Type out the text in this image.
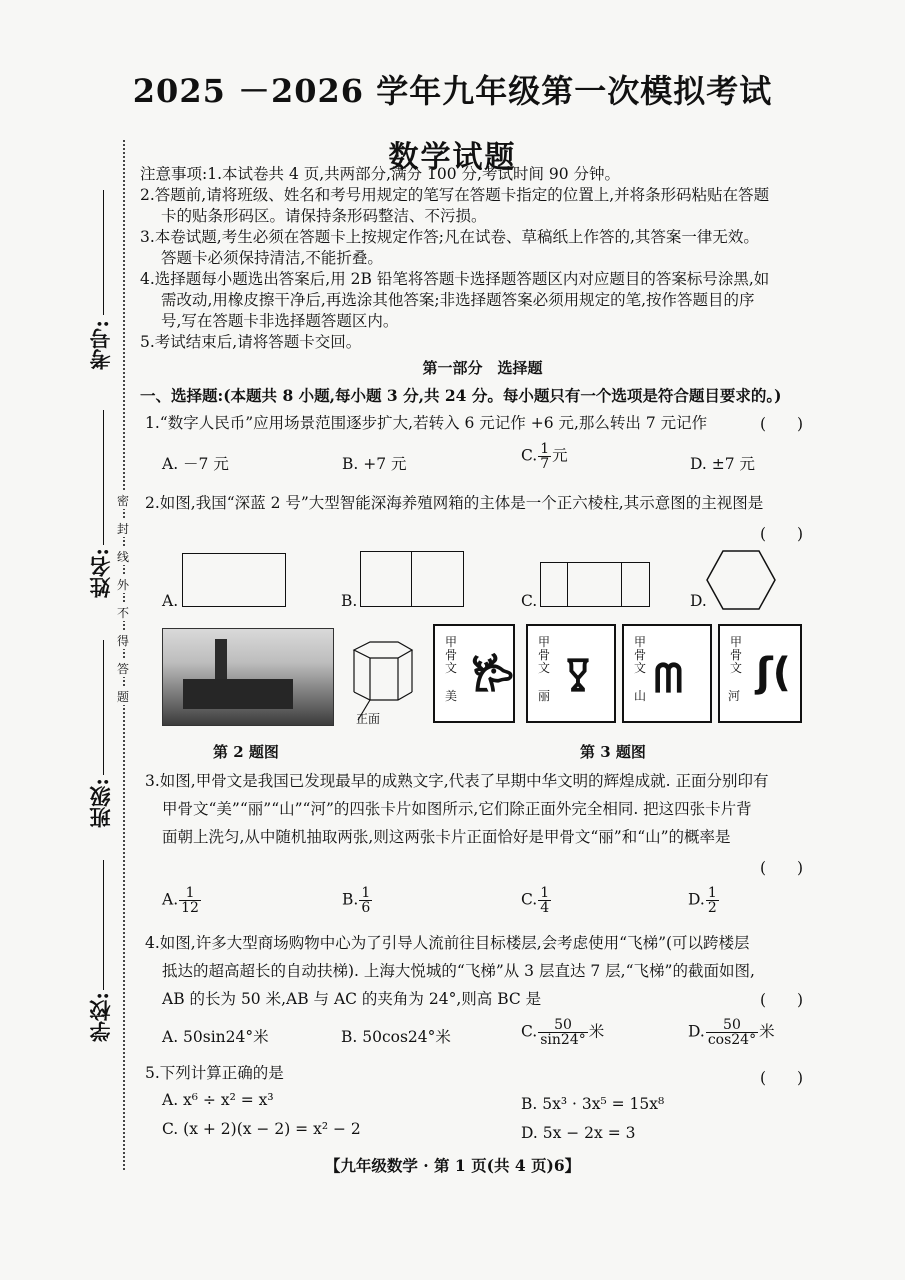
2025 －2026 学年九年级第一次模拟考试
数学试题
考号:
姓名:
班级:
学校:
密
封
线
外
不
得
答
题
注意事项:1.本试卷共 4 页,共两部分,满分 100 分,考试时间 90 分钟。
2.答题前,请将班级、姓名和考号用规定的笔写在答题卡指定的位置上,并将条形码粘贴在答题
卡的贴条形码区。请保持条形码整洁、不污损。
3.本卷试题,考生必须在答题卡上按规定作答;凡在试卷、草稿纸上作答的,其答案一律无效。
答题卡必须保持清洁,不能折叠。
4.选择题每小题选出答案后,用 2B 铅笔将答题卡选择题答题区内对应题目的答案标号涂黑,如
需改动,用橡皮擦干净后,再选涂其他答案;非选择题答案必须用规定的笔,按作答题目的序
号,写在答题卡非选择题答题区内。
5.考试结束后,请将答题卡交回。
第一部分　选择题
一、选择题:(本题共 8 小题,每小题 3 分,共 24 分。每小题只有一个选项是符合题目要求的。)
1.“数字人民币”应用场景范围逐步扩大,若转入 6 元记作 +6 元,那么转出 7 元记作	(　　)
A. －7 元	B. +7 元	C. $\frac{1}{7}$ 元	D. ±7 元
2.如图,我国“深蓝 2 号”大型智能深海养殖网箱的主体是一个正六棱柱,其示意图的主视图是
(　　)
A.	B.	C.	D.
正面
第 2 题图
甲
骨
文 𐂂
美
甲
骨
文 𐃯
丽
甲
骨
文 ᗰ
山
甲
骨
文 ʃ(
河
第 3 题图
3.如图,甲骨文是我国已发现最早的成熟文字,代表了早期中华文明的辉煌成就. 正面分别印有
甲骨文“美”“丽”“山”“河”的四张卡片如图所示,它们除正面外完全相同. 把这四张卡片背
面朝上洗匀,从中随机抽取两张,则这两张卡片正面恰好是甲骨文“丽”和“山”的概率是
(　　)
A. $\frac{1}{12}$	B. $\frac{1}{6}$	C. $\frac{1}{4}$	D. $\frac{1}{2}$
4.如图,许多大型商场购物中心为了引导人流前往目标楼层,会考虑使用“飞梯”(可以跨楼层
抵达的超高超长的自动扶梯). 上海大悦城的“飞梯”从 3 层直达 7 层,“飞梯”的截面如图,
AB 的长为 50 米,AB 与 AC 的夹角为 24°,则高 BC 是	(　　)
A. 50sin24°米	B. 50cos24°米	C. $\frac{50}{\sin 24^\circ}$ 米	D. $\frac{50}{\cos 24^\circ}$ 米
5.下列计算正确的是	(　　)
A. x⁶ ÷ x² = x³	B. 5x³ · 3x⁵ = 15x⁸
C. (x + 2)(x − 2) = x² − 2	D. 5x − 2x = 3
【九年级数学 · 第 1 页(共 4 页)6】
